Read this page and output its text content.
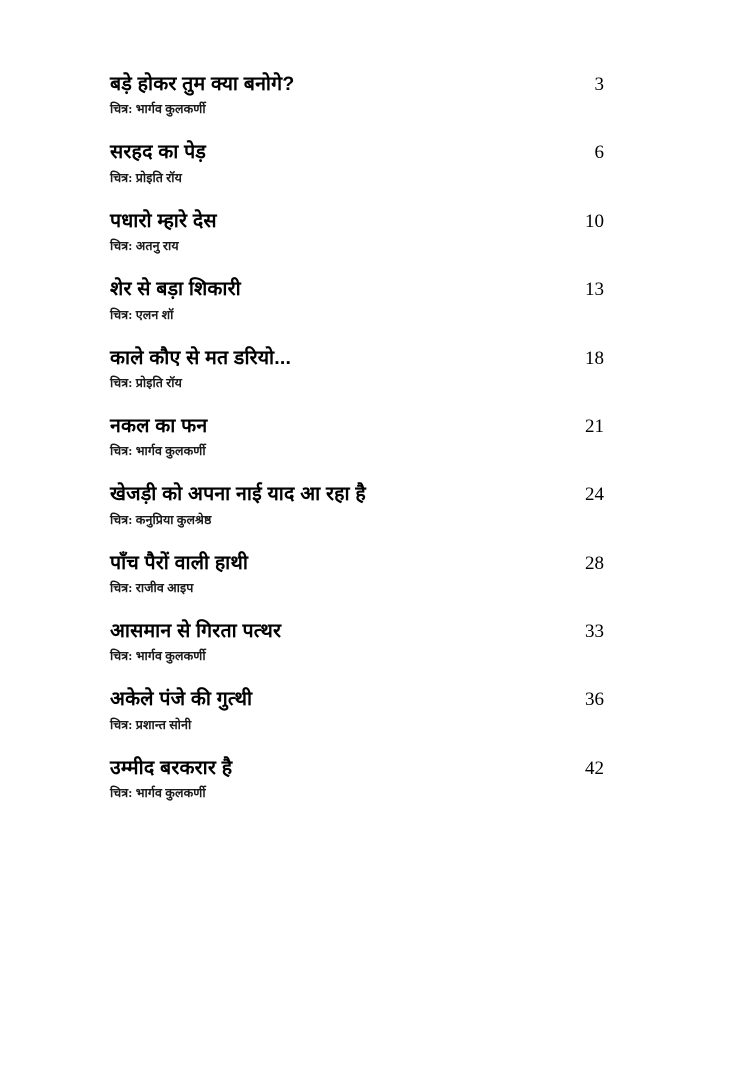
बड़े होकर तुम क्या बनोगे?	3
चित्र: भार्गव कुलकर्णी
सरहद का पेड़	6
चित्र: प्रोइति रॉय
पधारो म्हारे देस	10
चित्र: अतनु राय
शेर से बड़ा शिकारी	13
चित्र: एलन शॉ
काले कौए से मत डरियो...	18
चित्र: प्रोइति रॉय
नकल का फन	21
चित्र: भार्गव कुलकर्णी
खेजड़ी को अपना नाई याद आ रहा है	24
चित्र: कनुप्रिया कुलश्रेष्ठ
पाँच पैरों वाली हाथी	28
चित्र: राजीव आइप
आसमान से गिरता पत्थर	33
चित्र: भार्गव कुलकर्णी
अकेले पंजे की गुत्थी	36
चित्र: प्रशान्त सोनी
उम्मीद बरकरार है	42
चित्र: भार्गव कुलकर्णी
